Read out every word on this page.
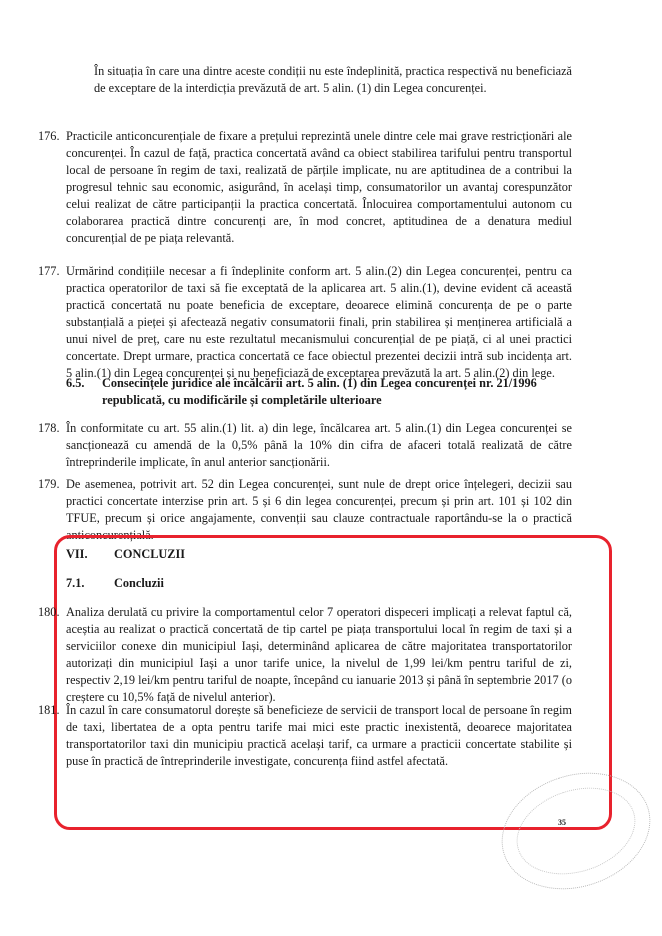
În situația în care una dintre aceste condiții nu este îndeplinită, practica respectivă nu beneficiază de exceptare de la interdicția prevăzută de art. 5 alin. (1) din Legea concurenței.
176. Practicile anticoncurențiale de fixare a prețului reprezintă unele dintre cele mai grave restricționări ale concurenței. În cazul de față, practica concertată având ca obiect stabilirea tarifului pentru transportul local de persoane în regim de taxi, realizată de părțile implicate, nu are aptitudinea de a contribui la progresul tehnic sau economic, asigurând, în același timp, consumatorilor un avantaj corespunzător celui realizat de către participanții la practica concertată. Înlocuirea comportamentului autonom cu colaborarea practică dintre concurenți are, în mod concret, aptitudinea de a denatura mediul concurențial de pe piața relevantă.
177. Urmărind condițiile necesar a fi îndeplinite conform art. 5 alin.(2) din Legea concurenței, pentru ca practica operatorilor de taxi să fie exceptată de la aplicarea art. 5 alin.(1), devine evident că această practică concertată nu poate beneficia de exceptare, deoarece elimină concurența de pe o parte substanțială a pieței și afectează negativ consumatorii finali, prin stabilirea și menținerea artificială a unui nivel de preț, care nu este rezultatul mecanismului concurențial de pe piață, ci al unei practici concertate. Drept urmare, practica concertată ce face obiectul prezentei decizii intră sub incidența art. 5 alin.(1) din Legea concurenței și nu beneficiază de exceptarea prevăzută la art. 5 alin.(2) din lege.
6.5. Consecințele juridice ale încălcării art. 5 alin. (1) din Legea concurenței nr. 21/1996 republicată, cu modificările și completările ulterioare
178. În conformitate cu art. 55 alin.(1) lit. a) din lege, încălcarea art. 5 alin.(1) din Legea concurenței se sancționează cu amendă de la 0,5% până la 10% din cifra de afaceri totală realizată de către întreprinderile implicate, în anul anterior sancționării.
179. De asemenea, potrivit art. 52 din Legea concurenței, sunt nule de drept orice înțelegeri, decizii sau practici concertate interzise prin art. 5 și 6 din legea concurenței, precum și prin art. 101 și 102 din TFUE, precum și orice angajamente, convenții sau clauze contractuale raportându-se la o practică anticoncurențială.
VII. CONCLUZII
7.1. Concluzii
180. Analiza derulată cu privire la comportamentul celor 7 operatori dispeceri implicați a relevat faptul că, aceștia au realizat o practică concertată de tip cartel pe piața transportului local în regim de taxi și a serviciilor conexe din municipiul Iași, determinând aplicarea de către majoritatea transportatorilor autorizați din municipiul Iași a unor tarife unice, la nivelul de 1,99 lei/km pentru tariful de zi, respectiv 2,19 lei/km pentru tariful de noapte, începând cu ianuarie 2013 și până în septembrie 2017 (o creștere cu 10,5% față de nivelul anterior).
181. În cazul în care consumatorul dorește să beneficieze de servicii de transport local de persoane în regim de taxi, libertatea de a opta pentru tarife mai mici este practic inexistentă, deoarece majoritatea transportatorilor taxi din municipiu practică același tarif, ca urmare a practicii concertate stabilite și puse în practică de întreprinderile investigate, concurența fiind astfel afectată.
35
